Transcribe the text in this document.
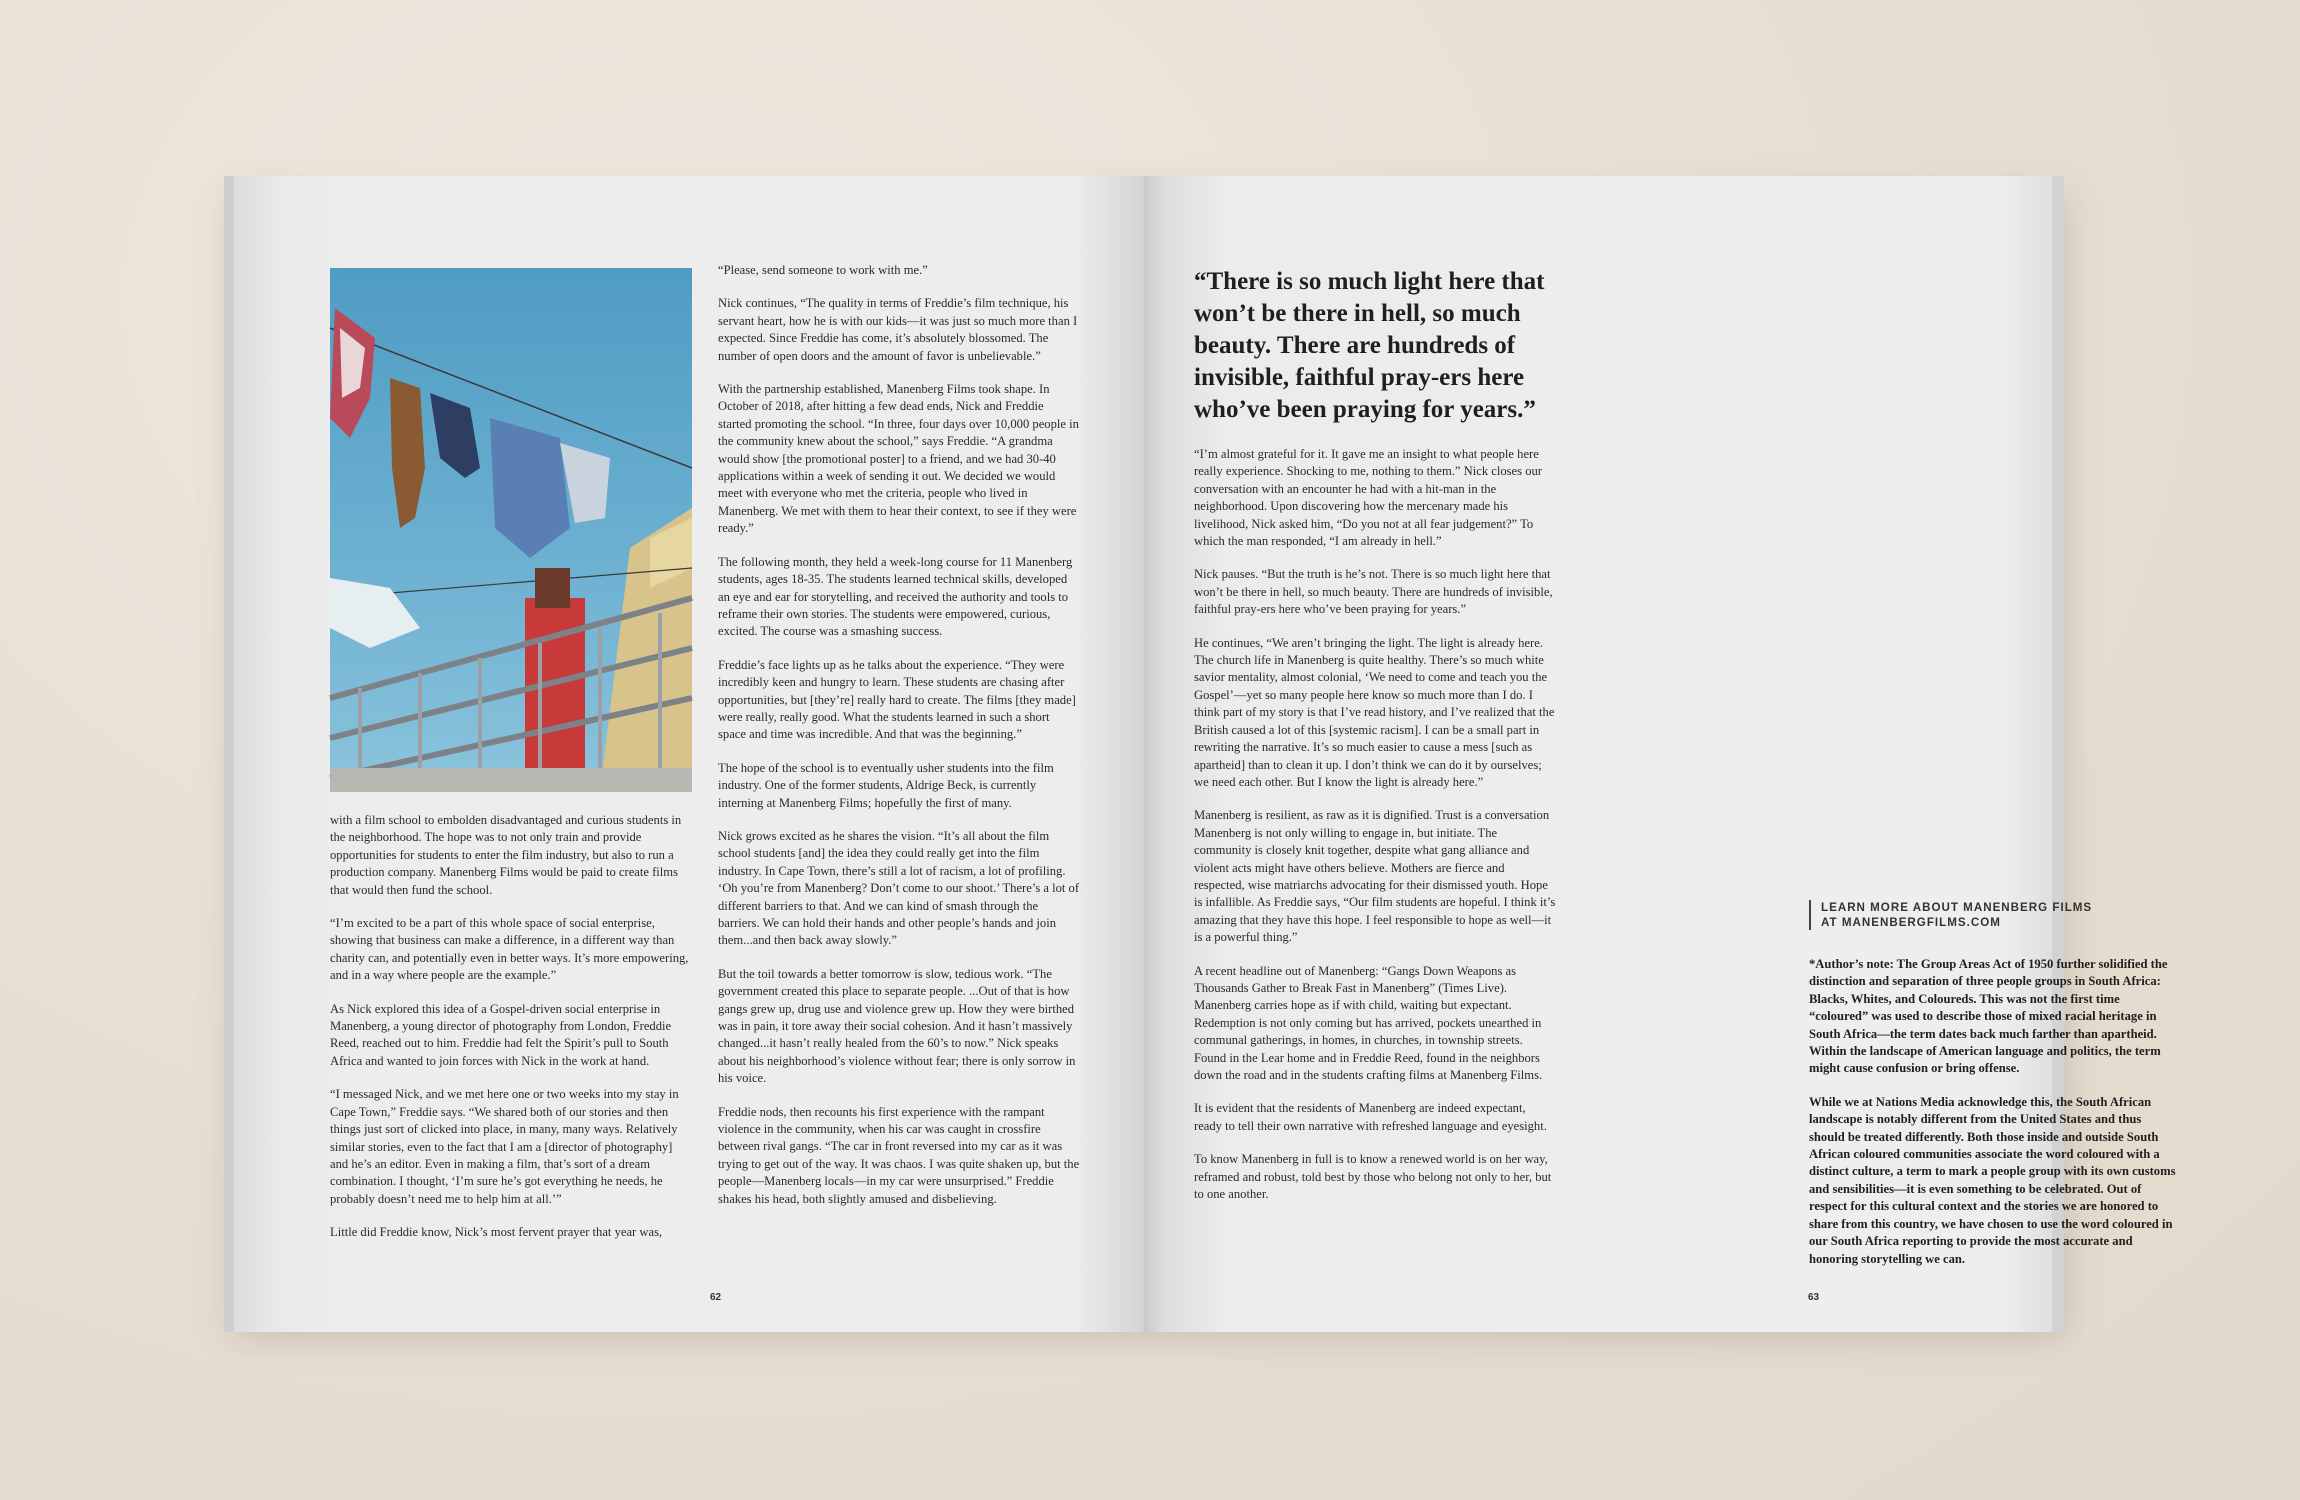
with a film school to embolden disadvantaged and curious students in the neighborhood. The hope was to not only train and provide opportunities for students to enter the film industry, but also to run a production company. Manenberg Films would be paid to create films that would then fund the school.

“I’m excited to be a part of this whole space of social enterprise, showing that business can make a difference, in a different way than charity can, and potentially even in better ways. It’s more empowering, and in a way where people are the example.”

As Nick explored this idea of a Gospel-driven social enterprise in Manenberg, a young director of photography from London, Freddie Reed, reached out to him. Freddie had felt the Spirit’s pull to South Africa and wanted to join forces with Nick in the work at hand.

“I messaged Nick, and we met here one or two weeks into my stay in Cape Town,” Freddie says. “We shared both of our stories and then things just sort of clicked into place, in many, many ways. Relatively similar stories, even to the fact that I am a [director of photography] and he’s an editor. Even in making a film, that’s sort of a dream combination. I thought, ‘I’m sure he’s got everything he needs, he probably doesn’t need me to help him at all.’”

Little did Freddie know, Nick’s most fervent prayer that year was,

“Please, send someone to work with me.”

Nick continues, “The quality in terms of Freddie’s film technique, his servant heart, how he is with our kids—it was just so much more than I expected. Since Freddie has come, it’s absolutely blossomed. The number of open doors and the amount of favor is unbelievable.”

With the partnership established, Manenberg Films took shape. In October of 2018, after hitting a few dead ends, Nick and Freddie started promoting the school. “In three, four days over 10,000 people in the community knew about the school,” says Freddie. “A grandma would show [the promotional poster] to a friend, and we had 30-40 applications within a week of sending it out. We decided we would meet with everyone who met the criteria, people who lived in Manenberg. We met with them to hear their context, to see if they were ready.”

The following month, they held a week-long course for 11 Manenberg students, ages 18-35. The students learned technical skills, developed an eye and ear for storytelling, and received the authority and tools to reframe their own stories. The students were empowered, curious, excited. The course was a smashing success.

Freddie’s face lights up as he talks about the experience. “They were incredibly keen and hungry to learn. These students are chasing after opportunities, but [they’re] really hard to create. The films [they made] were really, really good. What the students learned in such a short space and time was incredible. And that was the beginning.”

The hope of the school is to eventually usher students into the film industry. One of the former students, Aldrige Beck, is currently interning at Manenberg Films; hopefully the first of many.

Nick grows excited as he shares the vision. “It’s all about the film school students [and] the idea they could really get into the film industry. In Cape Town, there’s still a lot of racism, a lot of profiling. ‘Oh you’re from Manenberg? Don’t come to our shoot.’ There’s a lot of different barriers to that. And we can kind of smash through the barriers. We can hold their hands and other people’s hands and join them...and then back away slowly.”

But the toil towards a better tomorrow is slow, tedious work. “The government created this place to separate people. ...Out of that is how gangs grew up, drug use and violence grew up. How they were birthed was in pain, it tore away their social cohesion. And it hasn’t massively changed...it hasn’t really healed from the 60’s to now.” Nick speaks about his neighborhood’s violence without fear; there is only sorrow in his voice.

Freddie nods, then recounts his first experience with the rampant violence in the community, when his car was caught in crossfire between rival gangs. “The car in front reversed into my car as it was trying to get out of the way. It was chaos. I was quite shaken up, but the people—Manenberg locals—in my car were unsurprised.” Freddie shakes his head, both slightly amused and disbelieving.

62
“There is so much light here that won’t be there in hell, so much beauty. There are hundreds of invisible, faithful pray-ers here who’ve been praying for years.”

“I’m almost grateful for it. It gave me an insight to what people here really experience. Shocking to me, nothing to them.” Nick closes our conversation with an encounter he had with a hit-man in the neighborhood. Upon discovering how the mercenary made his livelihood, Nick asked him, “Do you not at all fear judgement?” To which the man responded, “I am already in hell.”

Nick pauses. “But the truth is he’s not. There is so much light here that won’t be there in hell, so much beauty. There are hundreds of invisible, faithful pray-ers here who’ve been praying for years.”

He continues, “We aren’t bringing the light. The light is already here. The church life in Manenberg is quite healthy. There’s so much white savior mentality, almost colonial, ‘We need to come and teach you the Gospel’—yet so many people here know so much more than I do. I think part of my story is that I’ve read history, and I’ve realized that the British caused a lot of this [systemic racism]. I can be a small part in rewriting the narrative. It’s so much easier to cause a mess [such as apartheid] than to clean it up. I don’t think we can do it by ourselves; we need each other. But I know the light is already here.”

Manenberg is resilient, as raw as it is dignified. Trust is a conversation Manenberg is not only willing to engage in, but initiate. The community is closely knit together, despite what gang alliance and violent acts might have others believe. Mothers are fierce and respected, wise matriarchs advocating for their dismissed youth. Hope is infallible. As Freddie says, “Our film students are hopeful. I think it’s amazing that they have this hope. I feel responsible to hope as well—it is a powerful thing.”

A recent headline out of Manenberg: “Gangs Down Weapons as Thousands Gather to Break Fast in Manenberg” (Times Live). Manenberg carries hope as if with child, waiting but expectant. Redemption is not only coming but has arrived, pockets unearthed in communal gatherings, in homes, in churches, in township streets. Found in the Lear home and in Freddie Reed, found in the neighbors down the road and in the students crafting films at Manenberg Films.

It is evident that the residents of Manenberg are indeed expectant, ready to tell their own narrative with refreshed language and eyesight.

To know Manenberg in full is to know a renewed world is on her way, reframed and robust, told best by those who belong not only to her, but to one another.

LEARN MORE ABOUT MANENBERG FILMS
AT MANENBERGFILMS.COM

*Author’s note: The Group Areas Act of 1950 further solidified the distinction and separation of three people groups in South Africa: Blacks, Whites, and Coloureds. This was not the first time “coloured” was used to describe those of mixed racial heritage in South Africa—the term dates back much farther than apartheid. Within the landscape of American language and politics, the term might cause confusion or bring offense.

While we at Nations Media acknowledge this, the South African landscape is notably different from the United States and thus should be treated differently. Both those inside and outside South African coloured communities associate the word coloured with a distinct culture, a term to mark a people group with its own customs and sensibilities—it is even something to be celebrated. Out of respect for this cultural context and the stories we are honored to share from this country, we have chosen to use the word coloured in our South Africa reporting to provide the most accurate and honoring storytelling we can.

63
